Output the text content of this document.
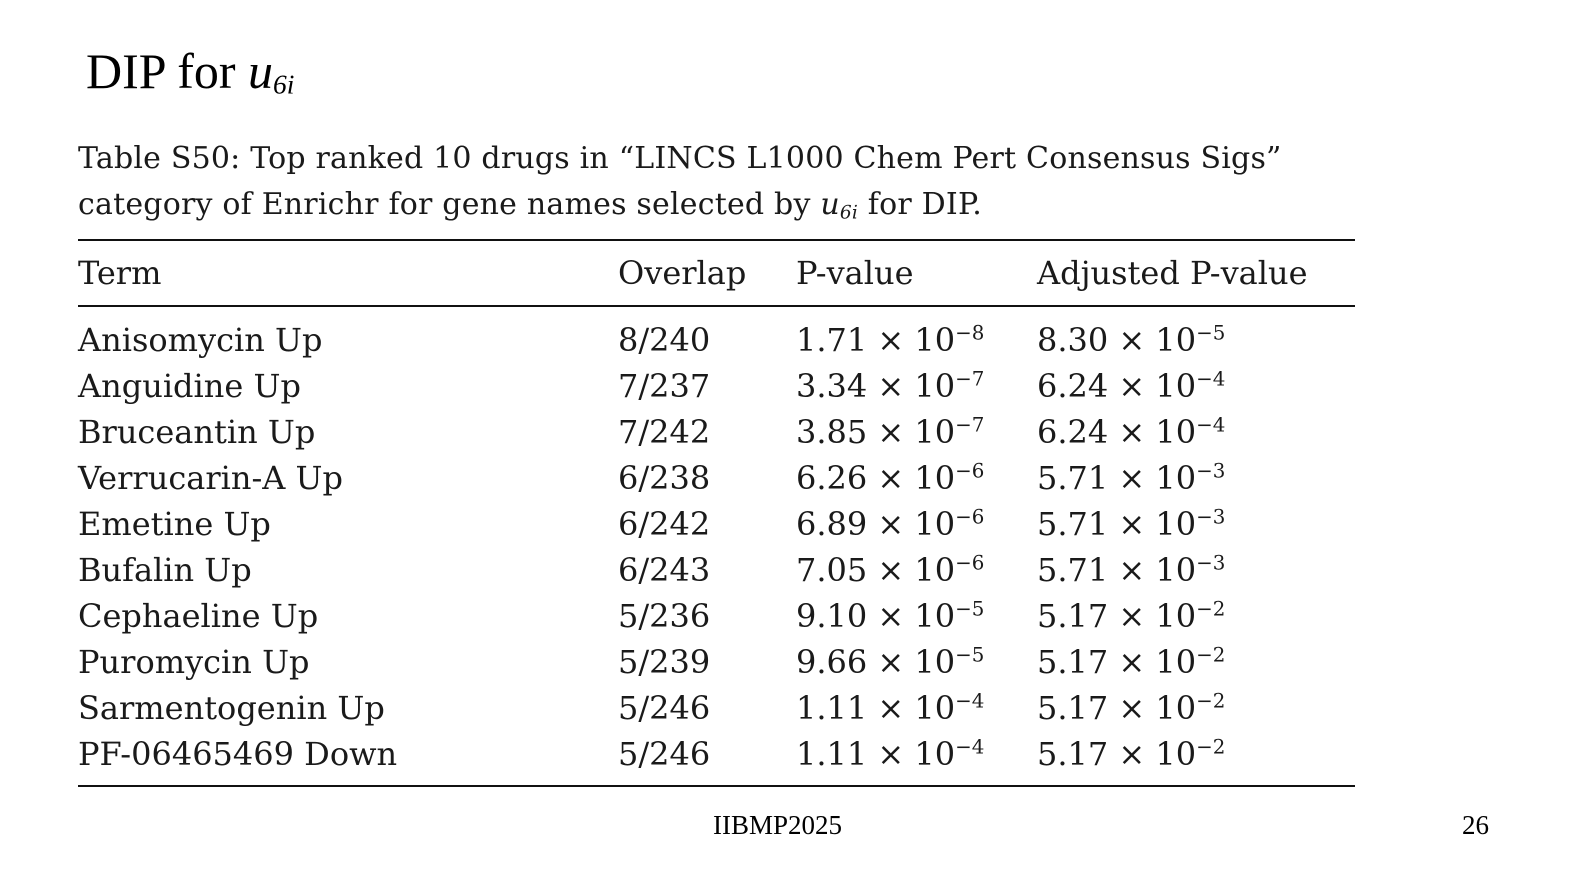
DIP for u6i
Table S50: Top ranked 10 drugs in “LINCS L1000 Chem Pert Consensus Sigs” category of Enrichr for gene names selected by u6i for DIP.
Term	Overlap	P-value	Adjusted P-value
Anisomycin Up	8/240	$1.71 \times 10^{-8}$	$8.30 \times 10^{-5}$
Anguidine Up	7/237	$3.34 \times 10^{-7}$	$6.24 \times 10^{-4}$
Bruceantin Up	7/242	$3.85 \times 10^{-7}$	$6.24 \times 10^{-4}$
Verrucarin-A Up	6/238	$6.26 \times 10^{-6}$	$5.71 \times 10^{-3}$
Emetine Up	6/242	$6.89 \times 10^{-6}$	$5.71 \times 10^{-3}$
Bufalin Up	6/243	$7.05 \times 10^{-6}$	$5.71 \times 10^{-3}$
Cephaeline Up	5/236	$9.10 \times 10^{-5}$	$5.17 \times 10^{-2}$
Puromycin Up	5/239	$9.66 \times 10^{-5}$	$5.17 \times 10^{-2}$
Sarmentogenin Up	5/246	$1.11 \times 10^{-4}$	$5.17 \times 10^{-2}$
PF-06465469 Down	5/246	$1.11 \times 10^{-4}$	$5.17 \times 10^{-2}$
IIBMP2025	26
